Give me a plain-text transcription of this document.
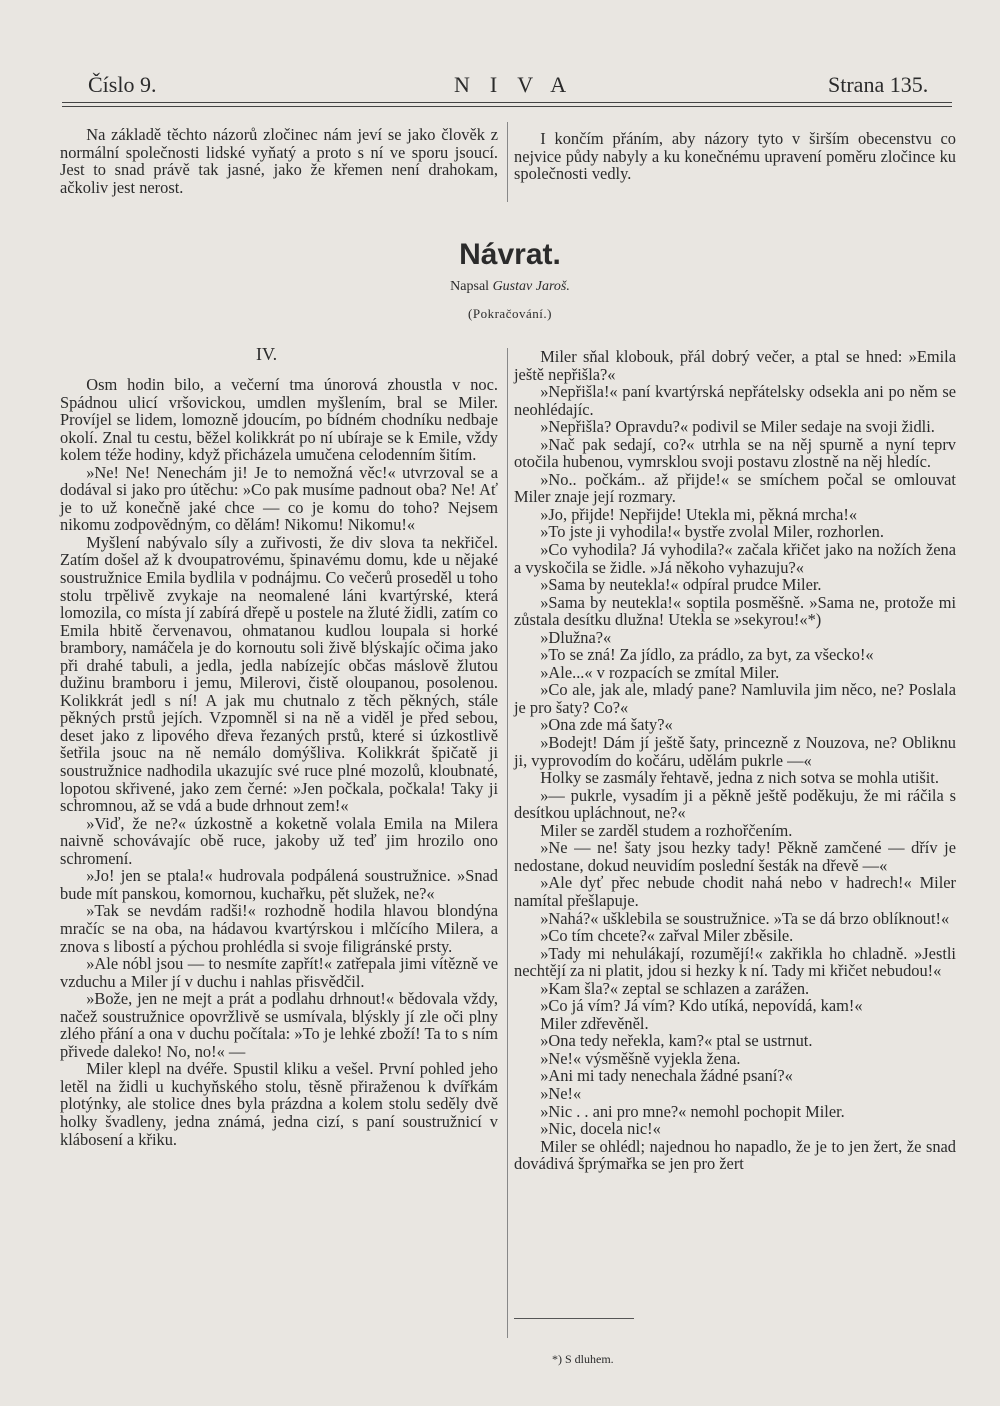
Číslo 9.	NIVA	Strana 135.

Na základě těchto názorů zločinec nám jeví se jako člověk z normální společnosti lidské vyňatý a proto s ní ve sporu jsoucí. Jest to snad právě tak jasné, jako že křemen není drahokam, ačkoliv jest nerost.

I končím přáním, aby názory tyto v širším obecenstvu co nejvice půdy nabyly a ku konečnému upravení poměru zločince ku společnosti vedly.

Návrat.
Napsal Gustav Jaroš.
(Pokračování.)
IV.

Osm hodin bilo, a večerní tma únorová zhoustla v noc. Spádnou ulicí vršovickou, umdlen myšlením, bral se Miler. Províjel se lidem, lomozně jdoucím, po bídném chodníku nedbaje okolí. Znal tu cestu, běžel kolikkrát po ní ubíraje se k Emile, vždy kolem téže hodiny, když přicházela umučena celodenním šitím.

»Ne! Ne! Nenechám ji! Je to nemožná věc!« utvrzoval se a dodával si jako pro útěchu: »Co pak musíme padnout oba? Ne! Ať je to už konečně jaké chce — co je komu do toho? Nejsem nikomu zodpovědným, co dělám! Nikomu! Nikomu!«

Myšlení nabývalo síly a zuřivosti, že div slova ta nekřičel. Zatím došel až k dvoupatrovému, špinavému domu, kde u nějaké soustružnice Emila bydlila v podnájmu. Co večerů proseděl u toho stolu trpělivě zvykaje na neomalené láni kvartýrské, která lomozila, co místa jí zabírá dřepě u postele na žluté židli, zatím co Emila hbitě červenavou, ohmatanou kudlou loupala si horké brambory, namáčela je do kornoutu soli živě blýskajíc očima jako při drahé tabuli, a jedla, jedla nabízejíc občas máslově žlutou dužinu bramboru i jemu, Milerovi, čistě oloupanou, posolenou. Kolikkrát jedl s ní! A jak mu chutnalo z těch pěkných, stále pěkných prstů jejích. Vzpomněl si na ně a viděl je před sebou, deset jako z lipového dřeva řezaných prstů, které si úzkostlivě šetřila jsouc na ně nemálo domýšliva. Kolikkrát špičatě ji soustružnice nadhodila ukazujíc své ruce plné mozolů, kloubnaté, lopotou skřivené, jako zem černé: »Jen počkala, počkala! Taky ji schromnou, až se vdá a bude drhnout zem!«

»Viď, že ne?« úzkostně a koketně volala Emila na Milera naivně schovávajíc obě ruce, jakoby už teď jim hrozilo ono schromení.

»Jo! jen se ptala!« hudrovala podpálená soustružnice. »Snad bude mít panskou, komornou, kuchařku, pět služek, ne?«

»Tak se nevdám radši!« rozhodně hodila hlavou blondýna mračíc se na oba, na hádavou kvartýrskou i mlčícího Milera, a znova s libostí a pýchou prohlédla si svoje filigránské prsty.

»Ale nóbl jsou — to nesmíte zapřít!« zatřepala jimi vítězně ve vzduchu a Miler jí v duchu i nahlas přisvědčil.

»Bože, jen ne mejt a prát a podlahu drhnout!« bědovala vždy, načež soustružnice opovržlivě se usmívala, blýskly jí zle oči plny zlého přání a ona v duchu počítala: »To je lehké zboží! Ta to s ním přivede daleko! No, no!« —

Miler klepl na dvéře. Spustil kliku a vešel. První pohled jeho letěl na židli u kuchyňského stolu, těsně přiraženou k dvířkám plotýnky, ale stolice dnes byla prázdna a kolem stolu seděly dvě holky švadleny, jedna známá, jedna cizí, s paní soustružnicí v klábosení a křiku.

Miler sňal klobouk, přál dobrý večer, a ptal se hned: »Emila ještě nepřišla?«

»Nepřišla!« paní kvartýrská nepřátelsky odsekla ani po něm se neohlédajíc.

»Nepřišla? Opravdu?« podivil se Miler sedaje na svoji židli.

»Nač pak sedají, co?« utrhla se na něj spurně a nyní teprv otočila hubenou, vymrsklou svoji postavu zlostně na něj hledíc.

»No.. počkám.. až přijde!« se smíchem počal se omlouvat Miler znaje její rozmary.

»Jo, přijde! Nepřijde! Utekla mi, pěkná mrcha!«

»To jste ji vyhodila!« bystře zvolal Miler, rozhorlen.

»Co vyhodila? Já vyhodila?« začala křičet jako na nožích žena a vyskočila se židle. »Já někoho vyhazuju?«

»Sama by neutekla!« odpíral prudce Miler.

»Sama by neutekla!« soptila posměšně. »Sama ne, protože mi zůstala desítku dlužna! Utekla se »sekyrou!«*)

»Dlužna?«

»To se zná! Za jídlo, za prádlo, za byt, za všecko!«

»Ale...« v rozpacích se zmítal Miler.

»Co ale, jak ale, mladý pane? Namluvila jim něco, ne? Poslala je pro šaty? Co?«

»Ona zde má šaty?«

»Bodejt! Dám jí ještě šaty, princezně z Nouzova, ne? Obliknu ji, vyprovodím do kočáru, udělám pukrle —«

Holky se zasmály řehtavě, jedna z nich sotva se mohla utišit.

»— pukrle, vysadím ji a pěkně ještě poděkuju, že mi ráčila s desítkou upláchnout, ne?«

Miler se zarděl studem a rozhořčením.

»Ne — ne! šaty jsou hezky tady! Pěkně zamčené — dřív je nedostane, dokud neuvidím poslední šesták na dřevě —«

»Ale dyť přec nebude chodit nahá nebo v hadrech!« Miler namítal přešlapuje.

»Nahá?« ušklebila se soustružnice. »Ta se dá brzo oblíknout!«

»Co tím chcete?« zařval Miler zběsile.

»Tady mi nehulákají, rozumějí!« zakřikla ho chladně. »Jestli nechtějí za ni platit, jdou si hezky k ní. Tady mi křičet nebudou!«

»Kam šla?« zeptal se schlazen a zarážen.

»Co já vím? Já vím? Kdo utíká, nepovídá, kam!«

Miler zdřevěněl.

»Ona tedy neřekla, kam?« ptal se ustrnut.

»Ne!« výsměšně vyjekla žena.

»Ani mi tady nenechala žádné psaní?«

»Ne!«

»Nic . . ani pro mne?« nemohl pochopit Miler.

»Nic, docela nic!«

Miler se ohlédl; najednou ho napadlo, že je to jen žert, že snad dovádivá šprýmařka se jen pro žert

*) S dluhem.
